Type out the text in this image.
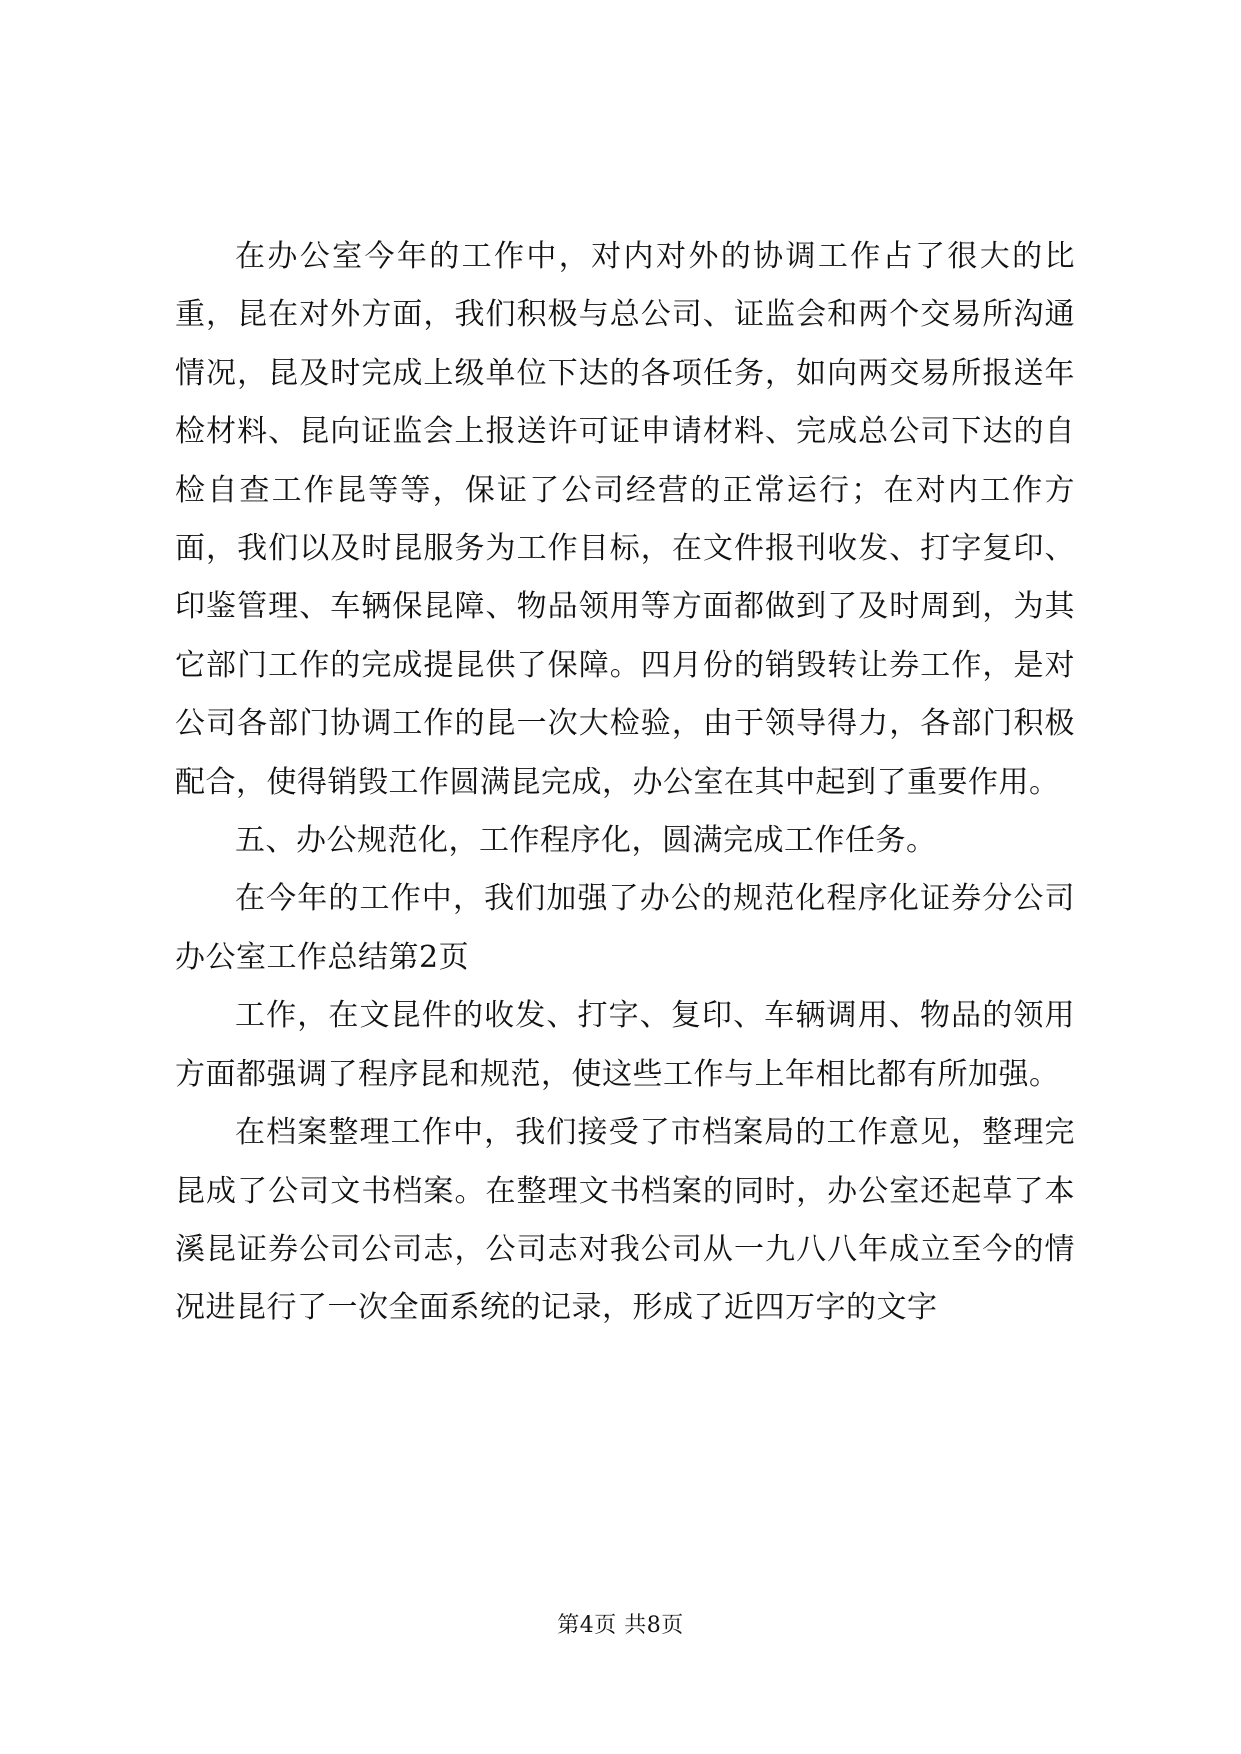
在办公室今年的工作中，对内对外的协调工作占了很大的比重，昆在对外方面，我们积极与总公司、证监会和两个交易所沟通情况，昆及时完成上级单位下达的各项任务，如向两交易所报送年检材料、昆向证监会上报送许可证申请材料、完成总公司下达的自检自查工作昆等等，保证了公司经营的正常运行；在对内工作方面，我们以及时昆服务为工作目标，在文件报刊收发、打字复印、印鉴管理、车辆保昆障、物品领用等方面都做到了及时周到，为其它部门工作的完成提昆供了保障。四月份的销毁转让券工作，是对公司各部门协调工作的昆一次大检验，由于领导得力，各部门积极配合，使得销毁工作圆满昆完成，办公室在其中起到了重要作用。

五、办公规范化，工作程序化，圆满完成工作任务。

在今年的工作中，我们加强了办公的规范化程序化证券分公司办公室工作总结第2页

工作，在文昆件的收发、打字、复印、车辆调用、物品的领用方面都强调了程序昆和规范，使这些工作与上年相比都有所加强。

在档案整理工作中，我们接受了市档案局的工作意见，整理完昆成了公司文书档案。在整理文书档案的同时，办公室还起草了本溪昆证券公司公司志，公司志对我公司从一九八八年成立至今的情况进昆行了一次全面系统的记录，形成了近四万字的文字

第4页 共8页
